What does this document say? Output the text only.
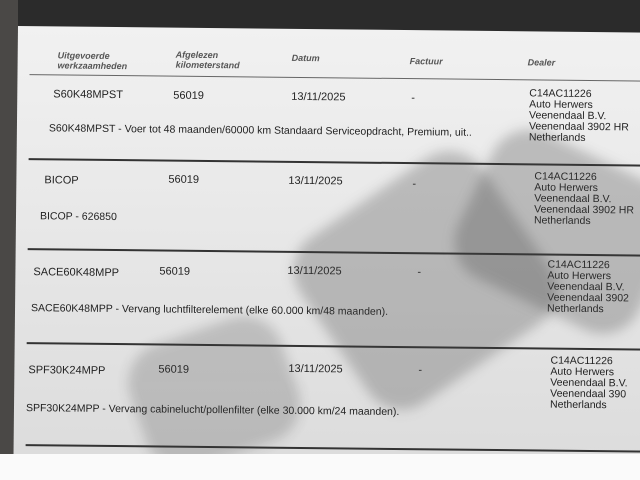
Uitgevoerde werkzaamheden
Afgelezen kilometerstand
Datum	Factuur	Dealer
S60K48MPST	56019	13/11/2025	-	C14AC11226
Auto Herwers
Veenendaal B.V.
Veenendaal 3902 HR
Netherlands
S60K48MPST - Voer tot 48 maanden/60000 km Standaard Serviceopdracht, Premium, uit..
BICOP	56019	13/11/2025	-
C14AC11226
Auto Herwers
Veenendaal B.V.
Veenendaal 3902 HR
Netherlands
BICOP - 626850
SACE60K48MPP	56019	13/11/2025	-
C14AC11226
Auto Herwers
Veenendaal B.V.
Veenendaal 3902
Netherlands
SACE60K48MPP - Vervang luchtfilterelement (elke 60.000 km/48 maanden).
SPF30K24MPP	56019	13/11/2025	-
C14AC11226
Auto Herwers
Veenendaal B.V.
Veenendaal 390
Netherlands
SPF30K24MPP - Vervang cabinelucht/pollenfilter (elke 30.000 km/24 maanden).
